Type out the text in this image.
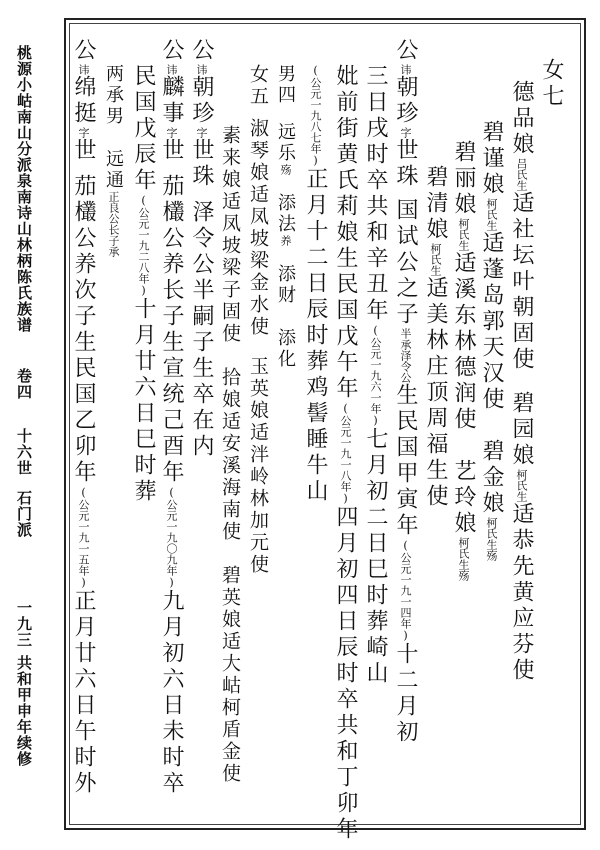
桃源小岵南山分派泉南诗山林柄陈氏族谱
卷四
十六世
石门派
一九三
共和甲申年续修
女七
德品娘吕氏生适社坛叶朝固使碧园娘柯氏生适恭先黄应芬使
碧谨娘柯氏生适蓬岛郭天汉使碧金娘柯氏生殇
碧丽娘柯氏生适溪东林德润使艺玲娘柯氏生殇
碧清娘柯氏生适美林庄顶周福生使
公讳朝珍字世珠国试公之子半承泽令公生民国甲寅年(公元一九一四年)十二月初
三日戌时卒共和辛丑年(公元一九六一年)七月初二日巳时葬崎山
妣前街黄氏莉娘生民国戊午年(公元一九一八年)四月初四日辰时卒共和丁卯年
(公元一九八七年)正月十二日辰时葬鸡髻睡牛山
男四远乐殇添法养添财添化
女五淑琴娘适凤坡梁金水使玉英娘适泮岭林加元使
素来娘适凤坡梁子固使拾娘适安溪海南使碧英娘适大岵柯盾金使
公讳朝珍字世珠泽令公半嗣子生卒在内
公讳麟事字世茄欉公养长子生宣统己酉年(公元一九〇九年)九月初六日未时卒
民国戊辰年(公元一九二八年)十月廿六日巳时葬
两承男远通正良公长子承
公讳绵挺字世茄欉公养次子生民国乙卯年(公元一九一五年)正月廿六日午时外
